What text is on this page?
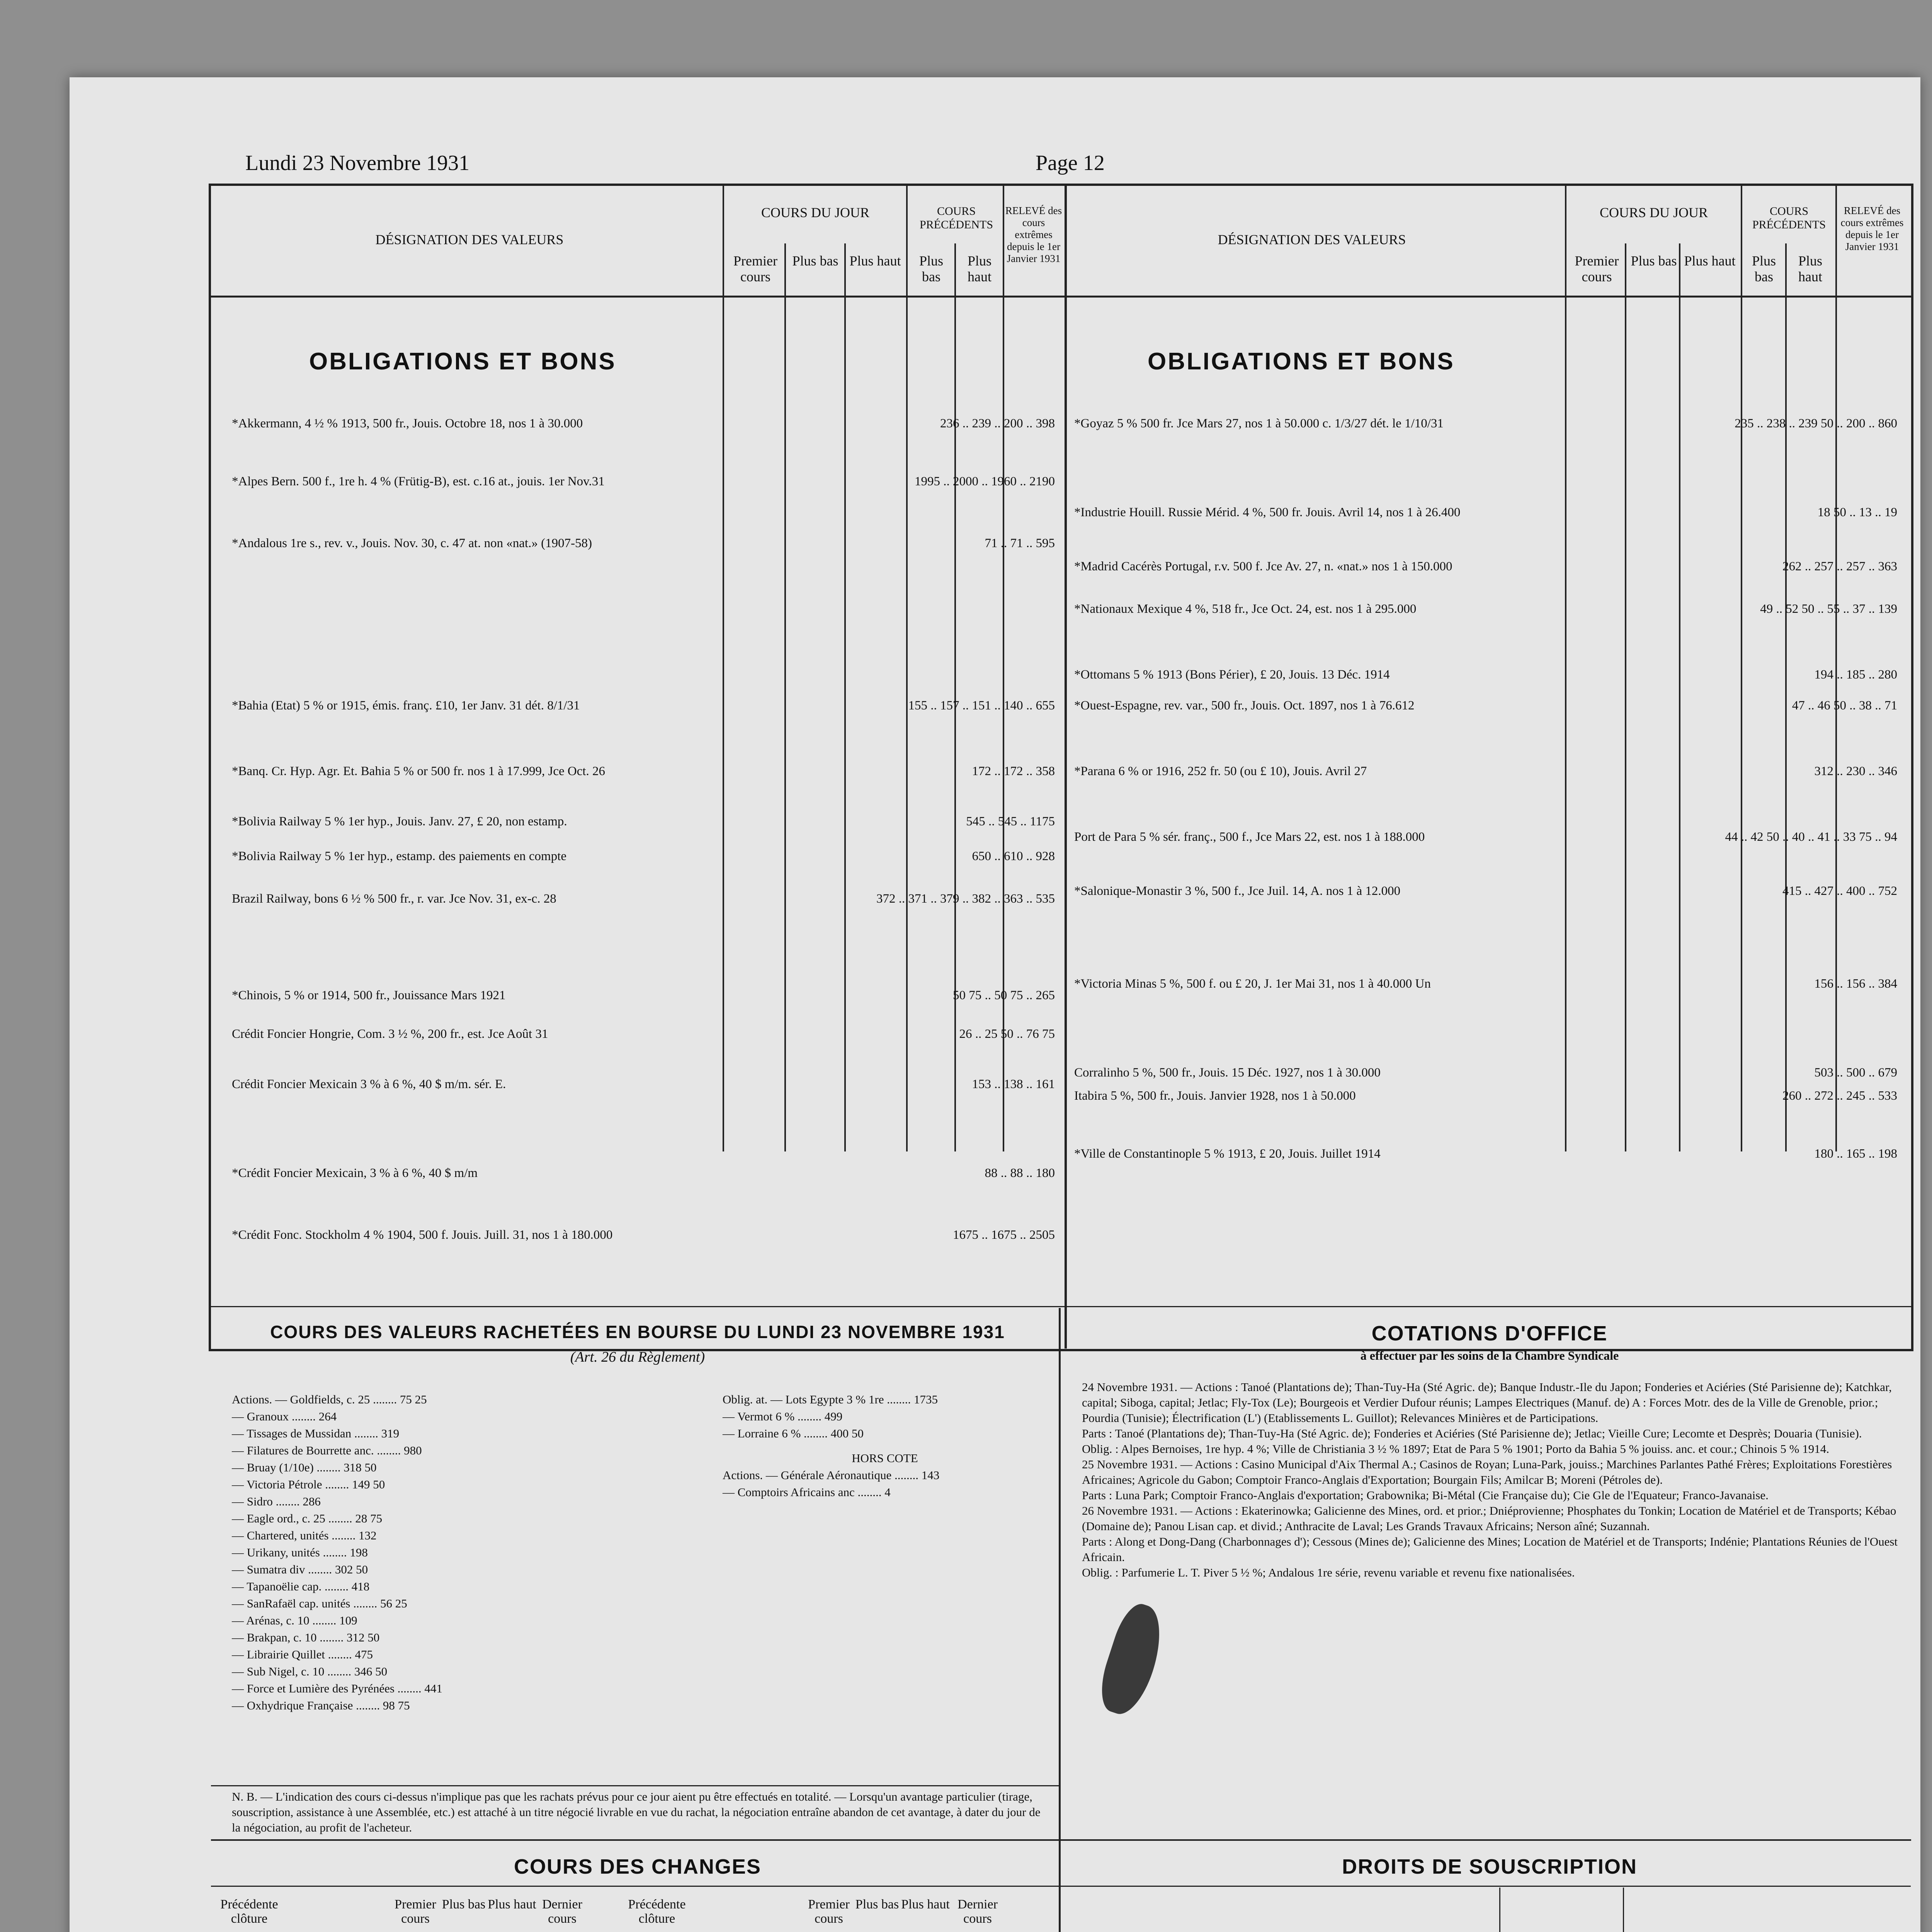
Lundi 23 Novembre 1931	Page 12
DÉSIGNATION DES VALEURS
COURS DU JOUR
Premier cours
Plus bas Plus haut
COURS PRÉCÉDENTS
Plus bas
Plus haut
RELEVÉ des cours extrêmes depuis le 1er Janvier 1931
DÉSIGNATION DES VALEURS
COURS DU JOUR
Premier cours
Plus bas Plus haut
COURS PRÉCÉDENTS
Plus bas
Plus haut
RELEVÉ des cours extrêmes depuis le 1er Janvier 1931
OBLIGATIONS ET BONS	OBLIGATIONS ET BONS
*Akkermann, 4 ½ % 1913, 500 fr., Jouis. Octobre 18, nos 1 à 30.000	236 .. 239 .. 200 .. 398
*Alpes Bern. 500 f., 1re h. 4 % (Frütig-B), est. c.16 at., jouis. 1er Nov.31	1995 .. 2000 .. 1960 .. 2190
*Andalous 1re s., rev. v., Jouis. Nov. 30, c. 47 at. non «nat.» (1907-58)	71 .. 71 .. 595
*Bahia (Etat) 5 % or 1915, émis. franç. £10, 1er Janv. 31 dét. 8/1/31	155 .. 157 .. 151 .. 140 .. 655
*Banq. Cr. Hyp. Agr. Et. Bahia 5 % or 500 fr. nos 1 à 17.999, Jce Oct. 26	172 .. 172 .. 358
*Bolivia Railway 5 % 1er hyp., Jouis. Janv. 27, £ 20, non estamp.	545 .. 545 .. 1175
*Bolivia Railway 5 % 1er hyp., estamp. des paiements en compte	650 .. 610 .. 928
Brazil Railway, bons 6 ½ % 500 fr., r. var. Jce Nov. 31, ex-c. 28	372 .. 371 .. 379 .. 382 .. 363 .. 535
*Chinois, 5 % or 1914, 500 fr., Jouissance Mars 1921	50 75 .. 50 75 .. 265
Crédit Foncier Hongrie, Com. 3 ½ %, 200 fr., est. Jce Août 31	26 .. 25 50 .. 76 75
Crédit Foncier Mexicain 3 % à 6 %, 40 $ m/m. sér. E.	153 .. 138 .. 161
*Crédit Foncier Mexicain, 3 % à 6 %, 40 $ m/m	88 .. 88 .. 180
*Crédit Fonc. Stockholm 4 % 1904, 500 f. Jouis. Juill. 31, nos 1 à 180.000	1675 .. 1675 .. 2505
*Goyaz 5 % 500 fr. Jce Mars 27, nos 1 à 50.000 c. 1/3/27 dét. le 1/10/31	235 .. 238 .. 239 50 .. 200 .. 860
*Industrie Houill. Russie Mérid. 4 %, 500 fr. Jouis. Avril 14, nos 1 à 26.400	18 50 .. 13 .. 19
*Madrid Cacérès Portugal, r.v. 500 f. Jce Av. 27, n. «nat.» nos 1 à 150.000	262 .. 257 .. 257 .. 363
*Nationaux Mexique 4 %, 518 fr., Jce Oct. 24, est. nos 1 à 295.000	49 .. 52 50 .. 55 .. 37 .. 139
*Ottomans 5 % 1913 (Bons Périer), £ 20, Jouis. 13 Déc. 1914	194 .. 185 .. 280
*Ouest-Espagne, rev. var., 500 fr., Jouis. Oct. 1897, nos 1 à 76.612	47 .. 46 50 .. 38 .. 71
*Parana 6 % or 1916, 252 fr. 50 (ou £ 10), Jouis. Avril 27	312 .. 230 .. 346
Port de Para 5 % sér. franç., 500 f., Jce Mars 22, est. nos 1 à 188.000	44 .. 42 50 .. 40 .. 41 .. 33 75 .. 94
*Salonique-Monastir 3 %, 500 f., Jce Juil. 14, A. nos 1 à 12.000	415 .. 427 .. 400 .. 752
*Victoria Minas 5 %, 500 f. ou £ 20, J. 1er Mai 31, nos 1 à 40.000 Un	156 .. 156 .. 384
Corralinho 5 %, 500 fr., Jouis. 15 Déc. 1927, nos 1 à 30.000	503 .. 500 .. 679
Itabira 5 %, 500 fr., Jouis. Janvier 1928, nos 1 à 50.000	260 .. 272 .. 245 .. 533
*Ville de Constantinople 5 % 1913, £ 20, Jouis. Juillet 1914	180 .. 165 .. 198
COURS DES VALEURS RACHETÉES EN BOURSE DU LUNDI 23 NOVEMBRE 1931
(Art. 26 du Règlement)
Actions. — Goldfields, c. 25 ........ 75 25
— Granoux ........ 264
— Tissages de Mussidan ........ 319
— Filatures de Bourrette anc. ........ 980
— Bruay (1/10e) ........ 318 50
— Victoria Pétrole ........ 149 50
— Sidro ........ 286
— Eagle ord., c. 25 ........ 28 75
— Chartered, unités ........ 132
— Urikany, unités ........ 198
— Sumatra div ........ 302 50
— Tapanoëlie cap. ........ 418
— SanRafaël cap. unités ........ 56 25
— Arénas, c. 10 ........ 109
— Brakpan, c. 10 ........ 312 50
— Librairie Quillet ........ 475
— Sub Nigel, c. 10 ........ 346 50
— Force et Lumière des Pyrénées ........ 441
— Oxhydrique Française ........ 98 75
Oblig. at. — Lots Egypte 3 % 1re ........ 1735
— Vermot 6 % ........ 499
— Lorraine 6 % ........ 400 50
HORS COTE
Actions. — Générale Aéronautique ........ 143
— Comptoirs Africains anc ........ 4
N. B. — L'indication des cours ci-dessus n'implique pas que les rachats prévus pour ce jour aient pu être effectués en totalité. — Lorsqu'un avantage particulier (tirage, souscription, assistance à une Assemblée, etc.) est attaché à un titre négocié livrable en vue du rachat, la négociation entraîne abandon de cet avantage, à dater du jour de la négociation, au profit de l'acheteur.
COTATIONS D'OFFICE
à effectuer par les soins de la Chambre Syndicale
24 Novembre 1931. — Actions : Tanoé (Plantations de); Than-Tuy-Ha (Sté Agric. de); Banque Industr.-Ile du Japon; Fonderies et Aciéries (Sté Parisienne de); Katchkar, capital; Siboga, capital; Jetlac; Fly-Tox (Le); Bourgeois et Verdier Dufour réunis; Lampes Electriques (Manuf. de) A : Forces Motr. des de la Ville de Grenoble, prior.; Pourdia (Tunisie); Électrification (L') (Etablissements L. Guillot); Relevances Minières et de Participations.
Parts : Tanoé (Plantations de); Than-Tuy-Ha (Sté Agric. de); Fonderies et Aciéries (Sté Parisienne de); Jetlac; Vieille Cure; Lecomte et Desprès; Douaria (Tunisie).
Oblig. : Alpes Bernoises, 1re hyp. 4 %; Ville de Christiania 3 ½ % 1897; Etat de Para 5 % 1901; Porto da Bahia 5 % jouiss. anc. et cour.; Chinois 5 % 1914.
25 Novembre 1931. — Actions : Casino Municipal d'Aix Thermal A.; Casinos de Royan; Luna-Park, jouiss.; Marchines Parlantes Pathé Frères; Exploitations Forestières Africaines; Agricole du Gabon; Comptoir Franco-Anglais d'Exportation; Bourgain Fils; Amilcar B; Moreni (Pétroles de).
Parts : Luna Park; Comptoir Franco-Anglais d'exportation; Grabownika; Bi-Métal (Cie Française du); Cie Gle de l'Equateur; Franco-Javanaise.
26 Novembre 1931. — Actions : Ekaterinowka; Galicienne des Mines, ord. et prior.; Dniéprovienne; Phosphates du Tonkin; Location de Matériel et de Transports; Kébao (Domaine de); Panou Lisan cap. et divid.; Anthracite de Laval; Les Grands Travaux Africains; Nerson aîné; Suzannah.
Parts : Along et Dong-Dang (Charbonnages d'); Cessous (Mines de); Galicienne des Mines; Location de Matériel et de Transports; Indénie; Plantations Réunies de l'Ouest Africain.
Oblig. : Parfumerie L. T. Piver 5 ½ %; Andalous 1re série, revenu variable et revenu fixe nationalisées.
COURS DES CHANGES
Précédente clôture
Premier cours
Plus bas Plus haut Dernier cours
Précédente clôture
Premier cours
Plus bas Plus haut Dernier cours
DROITS DE SOUSCRIPTION
